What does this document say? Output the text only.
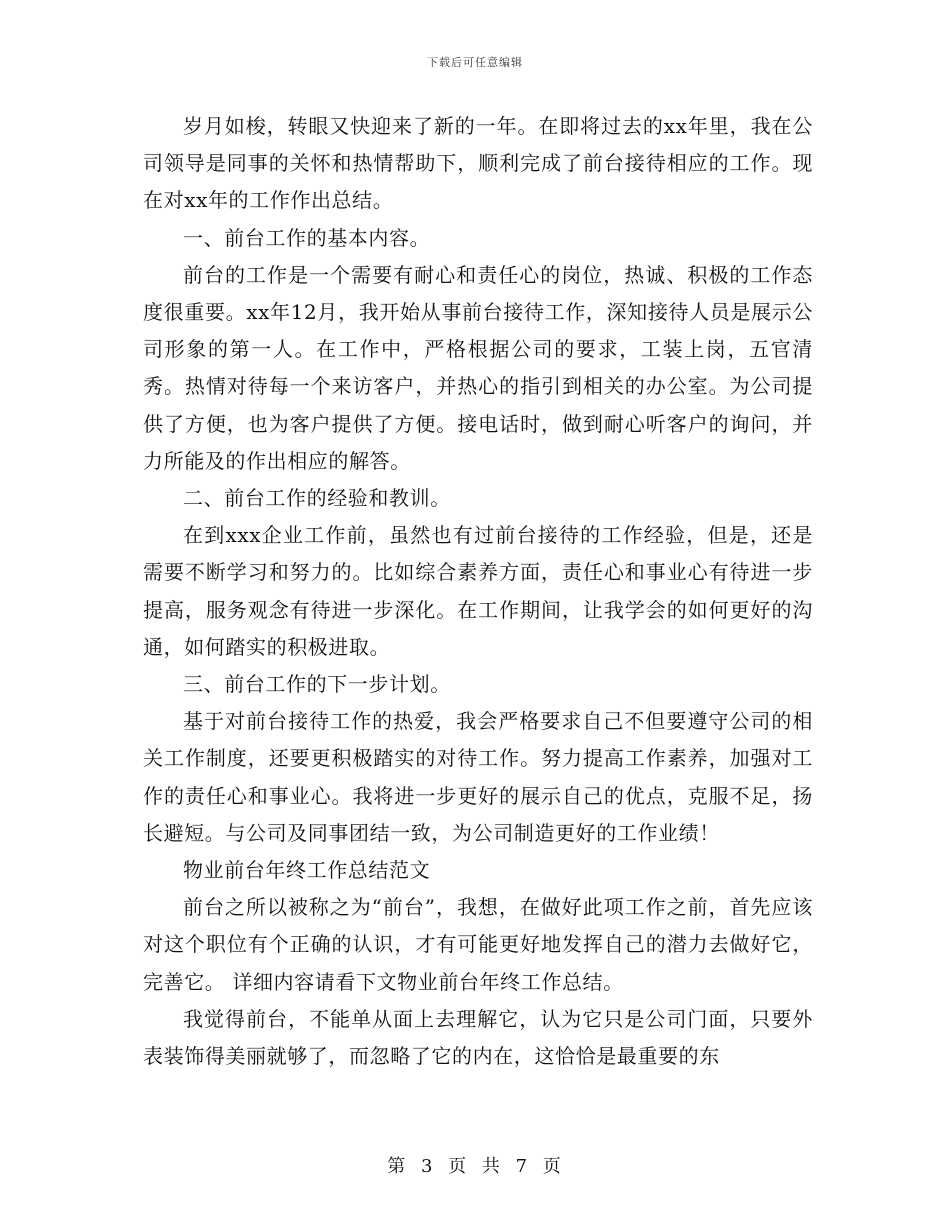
下载后可任意编辑

岁月如梭，转眼又快迎来了新的一年。在即将过去的xx年里，我在公司领导是同事的关怀和热情帮助下，顺利完成了前台接待相应的工作。现在对xx年的工作作出总结。

一、前台工作的基本内容。

前台的工作是一个需要有耐心和责任心的岗位，热诚、积极的工作态度很重要。xx年12月，我开始从事前台接待工作，深知接待人员是展示公司形象的第一人。在工作中，严格根据公司的要求，工装上岗，五官清秀。热情对待每一个来访客户，并热心的指引到相关的办公室。为公司提供了方便，也为客户提供了方便。接电话时，做到耐心听客户的询问，并力所能及的作出相应的解答。

二、前台工作的经验和教训。

在到xxx企业工作前，虽然也有过前台接待的工作经验，但是，还是需要不断学习和努力的。比如综合素养方面，责任心和事业心有待进一步提高，服务观念有待进一步深化。在工作期间，让我学会的如何更好的沟通，如何踏实的积极进取。

三、前台工作的下一步计划。

基于对前台接待工作的热爱，我会严格要求自己不但要遵守公司的相关工作制度，还要更积极踏实的对待工作。努力提高工作素养，加强对工作的责任心和事业心。我将进一步更好的展示自己的优点，克服不足，扬长避短。与公司及同事团结一致，为公司制造更好的工作业绩！

物业前台年终工作总结范文

前台之所以被称之为“前台”，我想，在做好此项工作之前，首先应该对这个职位有个正确的认识，才有可能更好地发挥自己的潜力去做好它，完善它。 详细内容请看下文物业前台年终工作总结。

我觉得前台，不能单从面上去理解它，认为它只是公司门面，只要外表装饰得美丽就够了，而忽略了它的内在，这恰恰是最重要的东

第 3 页 共 7 页
